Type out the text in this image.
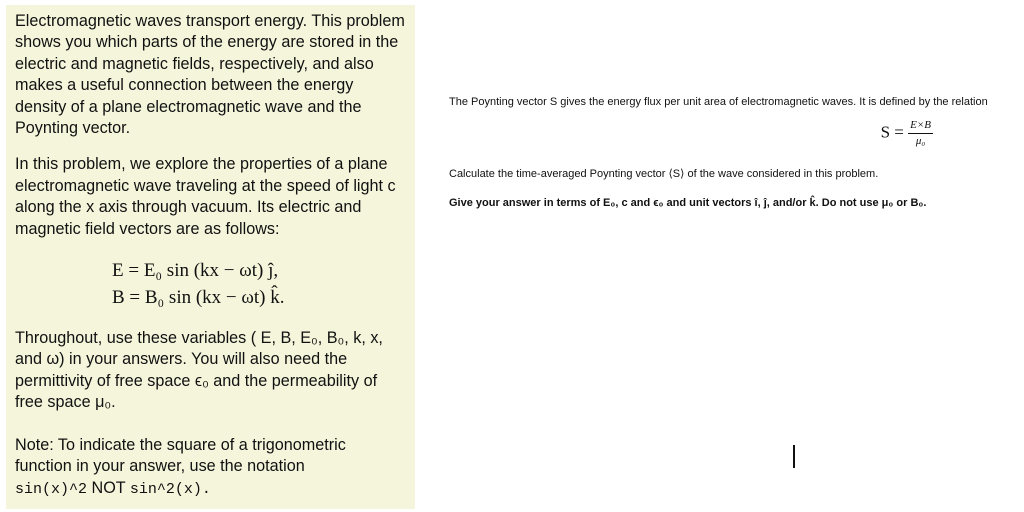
Electromagnetic waves transport energy. This problem shows you which parts of the energy are stored in the electric and magnetic fields, respectively, and also makes a useful connection between the energy density of a plane electromagnetic wave and the Poynting vector.

In this problem, we explore the properties of a plane electromagnetic wave traveling at the speed of light c along the x axis through vacuum. Its electric and magnetic field vectors are as follows:

E = E₀ sin (kx − ωt) ĵ,
B = B₀ sin (kx − ωt) k̂.

Throughout, use these variables ( E, B, E₀, B₀, k, x, and ω) in your answers. You will also need the permittivity of free space ϵ₀ and the permeability of free space μ₀.

Note: To indicate the square of a trigonometric function in your answer, use the notation
sin(x)^2 NOT sin^2(x).

The Poynting vector S gives the energy flux per unit area of electromagnetic waves. It is defined by the relation

$S = \frac{E\times B}{\text{μ₀}}$

Calculate the time-averaged Poynting vector ⟨S⟩ of the wave considered in this problem.

Give your answer in terms of E₀, c and ϵ₀ and unit vectors î, ĵ, and/or k̂. Do not use μ₀ or B₀.
